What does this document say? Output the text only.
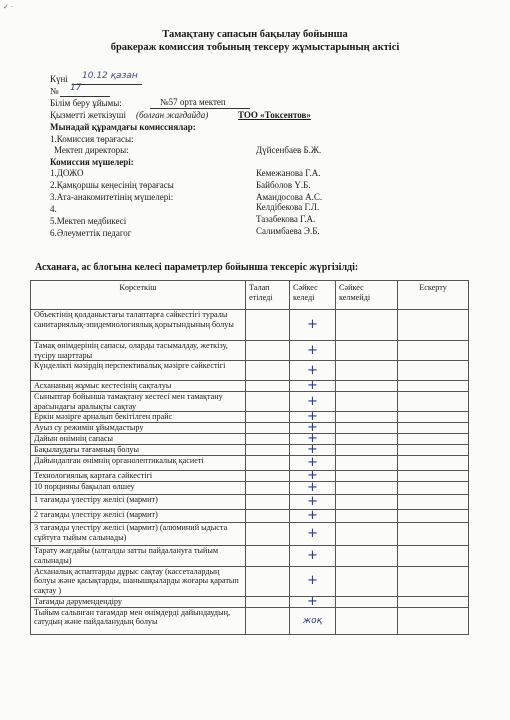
✓ ·
Тамақтану сапасын бақылау бойынша
бракераж комиссия тобының тексеру жұмыстарының актісі
Күні 10.12 қазан
№ 17
Білім беру ұйымы:	№57 орта мектеп
Қызметті жеткізуші (болған жағдайда)	ТОО «Токсентов»
Мынадай құрамдағы комиссиялар:
1.Комиссия төрағасы:
Мектеп директоры:	Дүйсенбаев Б.Ж.
Комиссия мүшелері:
1.ДОЖО	Кемежанова Г.А.
2.Қамқоршы кеңесінің төрағасы	Байболов Ү.Б.
3.Ата-анакомитетінің мүшелері:	Амандосова А.С.
4.	Келдібекова Г.Л.
5.Мектеп медбикесі	Тазабекова Г.А.
6.Әлеуметтік педагог	Салимбаева Э.Б.
Асханаға, ас блогына келесі параметрлер бойынша тексеріс жүргізілді:
Көрсеткіш	Талап етіледі	Сәйкес келеді	Сәйкес келмейді	Ескерту
Объектінің қолданыстағы талаптарға сәйкестігі туралы санитариялық-эпидемиологиялық қорытындының болуы		+		
Тамақ өнімдерінің сапасы, оларды тасымалдау, жеткізу, түсіру шарттары		+		
Күнделікті мәзірдің перспективалық мәзірге сәйкестігі		+		
Асхананың жұмыс кестесінің сақталуы		+		
Сыныптар бойынша тамақтану кестесі мен тамақтану арасындағы аралықты сақтау		+		
Еркін мәзірге арналып бекітілген прайс		+		
Ауыз су режимін ұйымдастыру		+		
Дайын өнімнің сапасы		+		
Бақылаудағы тағамның болуы		+		
Дайындалған өнімнің органолептикалық қасиеті		+		
Технологиялық картаға сәйкестігі		+		
10 порцияны бақылап өлшеу		+		
1 тағамды үлестіру желісі (мармит)		+		
2 тағамды үлестіру желісі (мармит)		+		
3 тағамды үлестіру желісі (мармит) (алюминий ыдыста сұйтуға тыйым салынады)		+		
Тарату жағдайы (ылғалды затты пайдалануға тыйым салынады)		+		
Асханалық аспаптарды дұрыс сақтау (кассеталардың болуы және қасықтарды, шанышқыларды жоғары қаратып сақтау )		+		
Тағамды дәрумендендіру		+		
Тыйым салынған тағамдар мен өнімдерді дайындаудың, сатудың және пайдаланудың болуы		жоқ		
